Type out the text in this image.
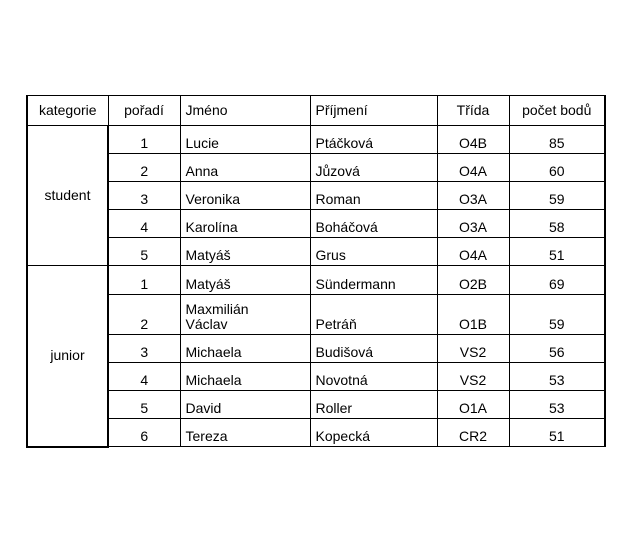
kategorie	pořadí	Jméno	Příjmení	Třída	počet bodů
student	1	Lucie	Ptáčková	O4B	85
	2	Anna	Jůzová	O4A	60
	3	Veronika	Roman	O3A	59
	4	Karolína	Boháčová	O3A	58
	5	Matyáš	Grus	O4A	51
junior	1	Matyáš	Sündermann	O2B	69
	2	Maxmilián Václav	Petráň	O1B	59
	3	Michaela	Budišová	VS2	56
	4	Michaela	Novotná	VS2	53
	5	David	Roller	O1A	53
	6	Tereza	Kopecká	CR2	51
